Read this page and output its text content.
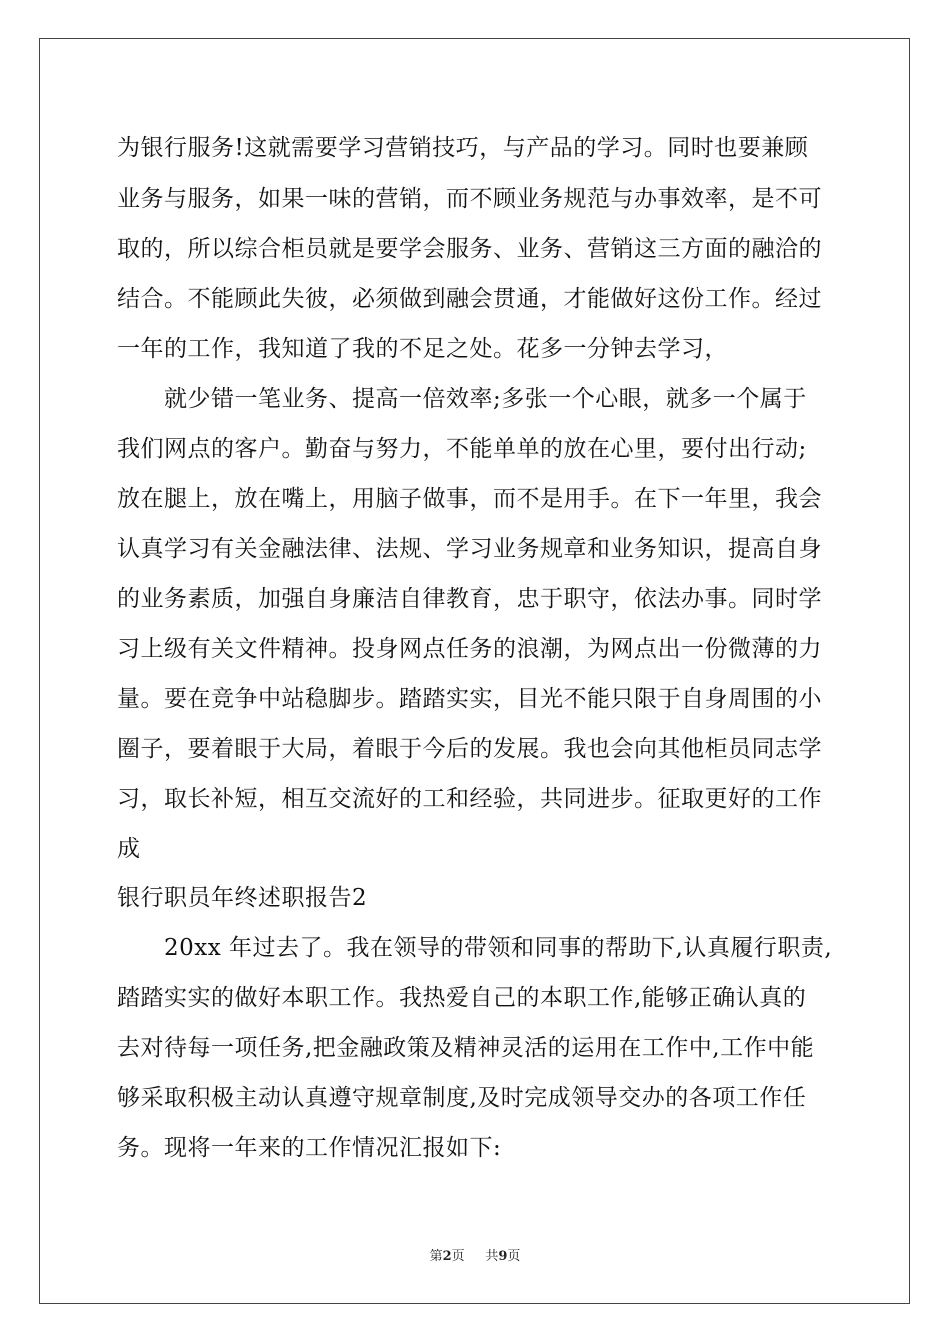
为银行服务!这就需要学习营销技巧，与产品的学习。同时也要兼顾
业务与服务，如果一味的营销，而不顾业务规范与办事效率，是不可
取的，所以综合柜员就是要学会服务、业务、营销这三方面的融洽的
结合。不能顾此失彼，必须做到融会贯通，才能做好这份工作。经过
一年的工作，我知道了我的不足之处。花多一分钟去学习，
就少错一笔业务、提高一倍效率;多张一个心眼，就多一个属于
我们网点的客户。勤奋与努力，不能单单的放在心里，要付出行动;
放在腿上，放在嘴上，用脑子做事，而不是用手。在下一年里，我会
认真学习有关金融法律、法规、学习业务规章和业务知识，提高自身
的业务素质，加强自身廉洁自律教育，忠于职守，依法办事。同时学
习上级有关文件精神。投身网点任务的浪潮，为网点出一份微薄的力
量。要在竞争中站稳脚步。踏踏实实，目光不能只限于自身周围的小
圈子，要着眼于大局，着眼于今后的发展。我也会向其他柜员同志学
习，取长补短，相互交流好的工和经验，共同进步。征取更好的工作
成
银行职员年终述职报告2
20xx 年过去了。我在领导的带领和同事的帮助下,认真履行职责,
踏踏实实的做好本职工作。我热爱自己的本职工作,能够正确认真的
去对待每一项任务,把金融政策及精神灵活的运用在工作中,工作中能
够采取积极主动认真遵守规章制度,及时完成领导交办的各项工作任
务。现将一年来的工作情况汇报如下:
第2页 共9页
